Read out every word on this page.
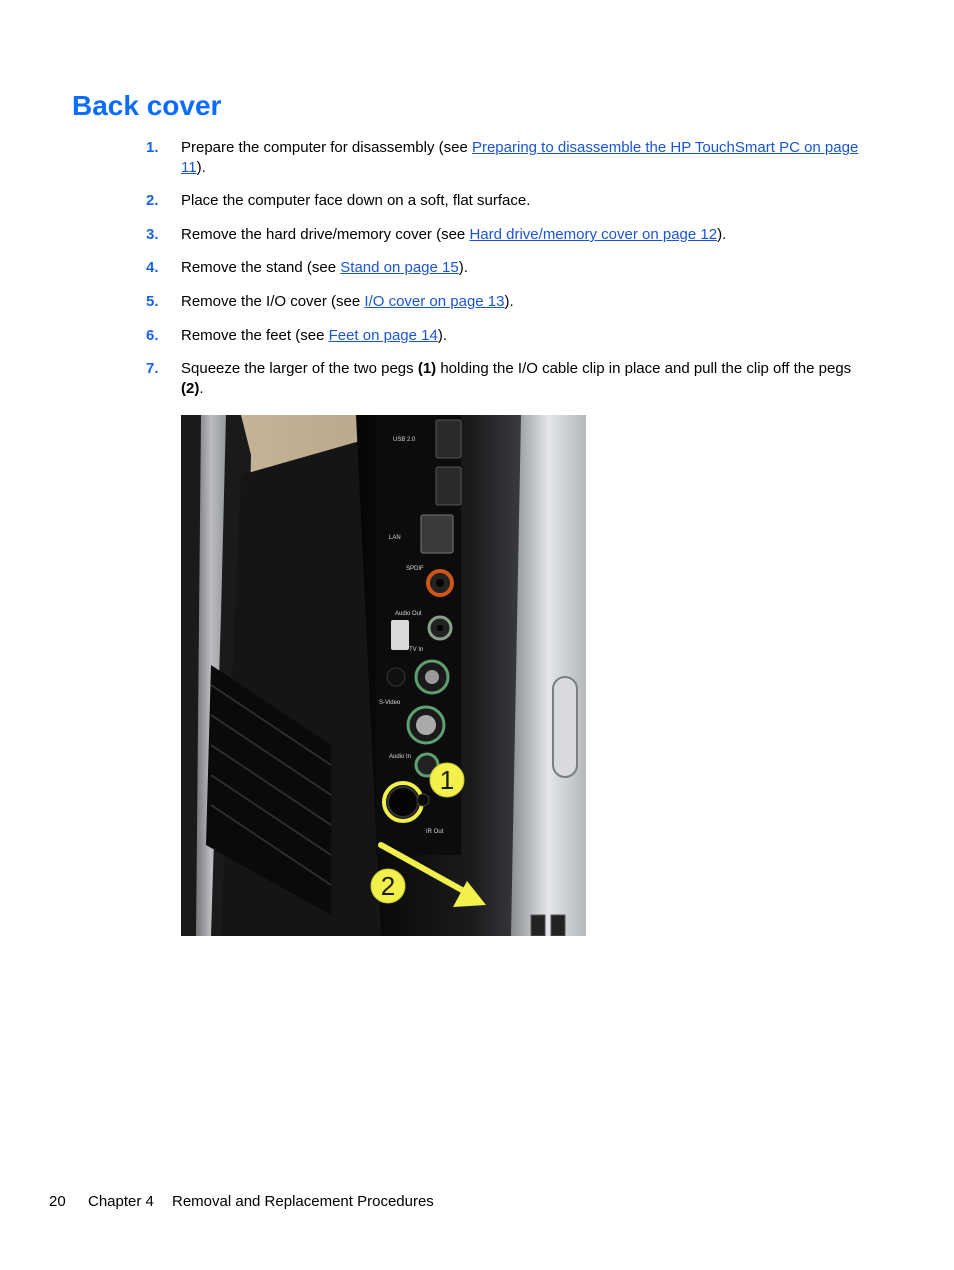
Back cover
1. Prepare the computer for disassembly (see Preparing to disassemble the HP TouchSmart PC on page 11).
2. Place the computer face down on a soft, flat surface.
3. Remove the hard drive/memory cover (see Hard drive/memory cover on page 12).
4. Remove the stand (see Stand on page 15).
5. Remove the I/O cover (see I/O cover on page 13).
6. Remove the feet (see Feet on page 14).
7. Squeeze the larger of the two pegs (1) holding the I/O cable clip in place and pull the clip off the pegs (2).
USB 2.0
LAN
SPDIF
Audio Out
TV In
S-Video
Audio In
IR Out
1
2
20 Chapter 4 Removal and Replacement Procedures
